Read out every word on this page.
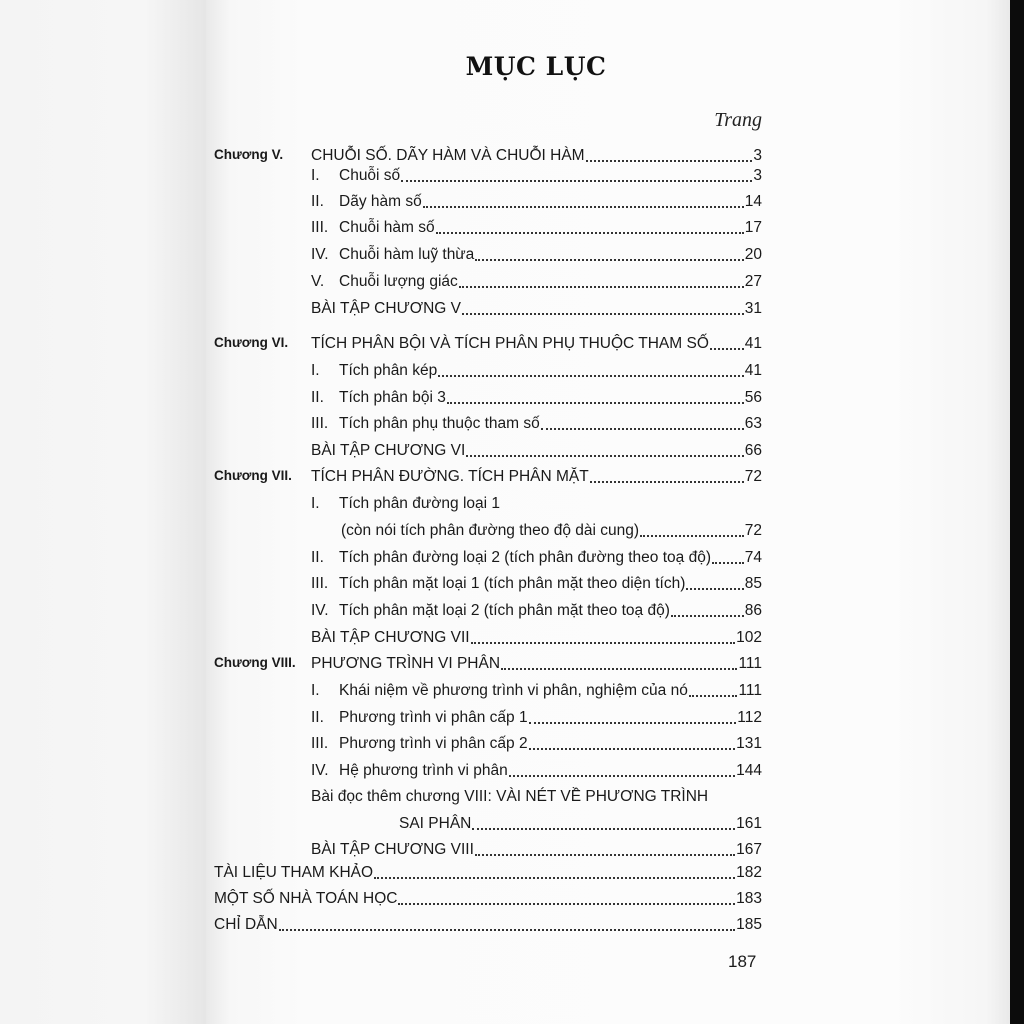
MỤC LỤC
Trang
Chương V. CHUỖI SỐ. DÃY HÀM VÀ CHUỖI HÀM	3
I.	Chuỗi số	3
II. Dãy hàm số	14
III. Chuỗi hàm số	17
IV. Chuỗi hàm luỹ thừa	20
V. Chuỗi lượng giác	27
BÀI TẬP CHƯƠNG V	31
Chương VI. TÍCH PHÂN BỘI VÀ TÍCH PHÂN PHỤ THUỘC THAM SỐ 41
I.	Tích phân kép	41
II. Tích phân bội 3	56
III. Tích phân phụ thuộc tham số	63
BÀI TẬP CHƯƠNG VI	66
Chương VII. TÍCH PHÂN ĐƯỜNG. TÍCH PHÂN MẶT	72
I.	Tích phân đường loại 1
(còn nói tích phân đường theo độ dài cung)	72
II. Tích phân đường loại 2 (tích phân đường theo toạ độ) 74
III. Tích phân mặt loại 1 (tích phân mặt theo diện tích)	85
IV. Tích phân mặt loại 2 (tích phân mặt theo toạ độ)	86
BÀI TẬP CHƯƠNG VII	102
Chương VIII. PHƯƠNG TRÌNH VI PHÂN	111
I.	Khái niệm về phương trình vi phân, nghiệm của nó	111
II. Phương trình vi phân cấp 1	112
III. Phương trình vi phân cấp 2	131
IV. Hệ phương trình vi phân	144
Bài đọc thêm chương VIII: VÀI NÉT VỀ PHƯƠNG TRÌNH
SAI PHÂN	161
BÀI TẬP CHƯƠNG VIII	167
TÀI LIỆU THAM KHẢO	182
MỘT SỐ NHÀ TOÁN HỌC	183
CHỈ DẪN	185
187
